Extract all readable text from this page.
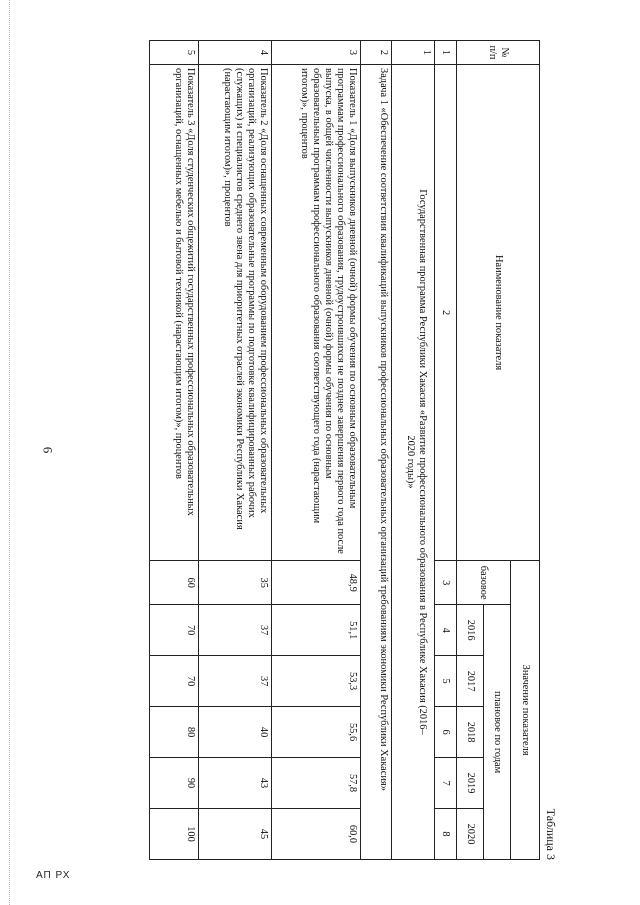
6
АП РХ
Таблица 3
№ п/п	Наименование показателя	Значение показателя					
		базовое	плановое по годам				
			2016	2017	2018	2019	2020
1	2	3	4	5	6	7	8
1	Государственная программа Республики Хакасия «Развитие профессионального образования в Республике Хакасия (2016–2020 годы)»						
2	Задача 1 «Обеспечение соответствия квалификаций выпускников профессиональных образовательных организаций требованиям экономики Республики Хакасия»						
3	Показатель 1 «Доля выпускников дневной (очной) формы обучения по основным образовательным программам профессионального образования, трудоустроившихся не позднее завершения первого года после выпуска, в общей численности выпускников дневной (очной) формы обучения по основным образовательным программам профессионального образования соответствующего года (нарастающим итогом)», процентов	48,9	51,1	53,3	55,6	57,8	60,0
4	Показатель 2 «Доля оснащенных современным оборудованием профессиональных образовательных организаций, реализующих образовательные программы по подготовке квалифицированных рабочих (служащих) и специалистов среднего звена для приоритетных отраслей экономики Республики Хакасия (нарастающим итогом)», процентов	35	37	37	40	43	45
5	Показатель 3 «Доля студенческих общежитий государственных профессиональных образовательных организаций, оснащенных мебелью и бытовой техникой (нарастающим итогом)», процентов	60	70	70	80	90	100
